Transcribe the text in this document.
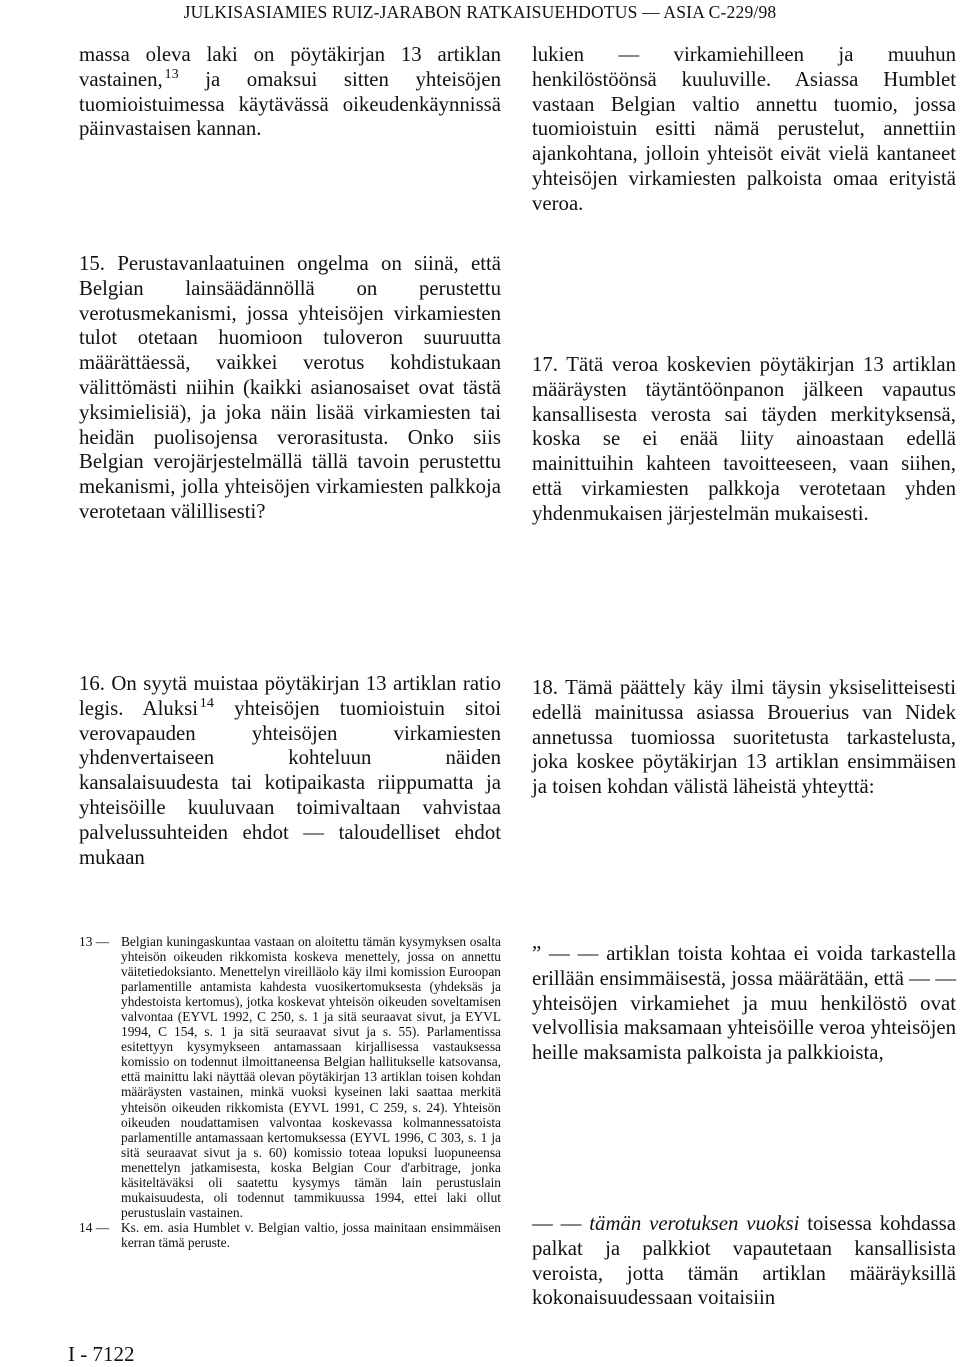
JULKISASIAMIES RUIZ-JARABON RATKAISUEHDOTUS — ASIA C-229/98

massa oleva laki on pöytäkirjan 13 artiklan vastainen,  $^{13}$ ja omaksui sitten yhteisöjen tuomioistuimessa käytävässä oikeudenkäynnissä päinvastaisen kannan.

15. Perustavanlaatuinen ongelma on siinä, että Belgian lainsäädännöllä on perustettu verotusmekanismi, jossa yhteisöjen virkamiesten tulot otetaan huomioon tuloveron suuruutta määrättäessä, vaikkei verotus kohdistukaan välittömästi niihin (kaikki asianosaiset ovat tästä yksimielisiä), ja joka näin lisää virkamiesten tai heidän puolisojensa verorasitusta. Onko siis Belgian verojärjestelmällä tällä tavoin perustettu mekanismi, jolla yhteisöjen virkamiesten palkkoja verotetaan välillisesti?

16. On syytä muistaa pöytäkirjan 13 artiklan ratio legis. Aluksi  $^{14}$ yhteisöjen tuomioistuin sitoi verovapauden yhteisöjen virkamiesten yhdenvertaiseen kohteluun näiden kansalaisuudesta tai kotipaikasta riippumatta ja yhteisöille kuuluvaan toimivaltaan vahvistaa palvelussuhteiden ehdot — taloudelliset ehdot mukaan

lukien — virkamiehilleen ja muuhun henkilöstöönsä kuuluville. Asiassa Humblet vastaan Belgian valtio annettu tuomio, jossa tuomioistuin esitti nämä perustelut, annettiin ajankohtana, jolloin yhteisöt eivät vielä kantaneet yhteisöjen virkamiesten palkoista omaa erityistä veroa.

17. Tätä veroa koskevien pöytäkirjan 13 artiklan määräysten täytäntöönpanon jälkeen vapautus kansallisesta verosta sai täyden merkityksensä, koska se ei enää liity ainoastaan edellä mainittuihin kahteen tavoitteeseen, vaan siihen, että virkamiesten palkkoja verotetaan yhden yhdenmukaisen järjestelmän mukaisesti.

18. Tämä päättely käy ilmi täysin yksiselitteisesti edellä mainitussa asiassa Brouerius van Nidek annetussa tuomiossa suoritetusta tarkastelusta, joka koskee pöytäkirjan 13 artiklan ensimmäisen ja toisen kohdan välistä läheistä yhteyttä:

” — — artiklan toista kohtaa ei voida tarkastella erillään ensimmäisestä, jossa määrätään, että — — yhteisöjen virkamiehet ja muu henkilöstö ovat velvollisia maksamaan yhteisöille veroa yhteisöjen heille maksamista palkoista ja palkkioista,

— — tämän verotuksen vuoksi toisessa kohdassa palkat ja palkkiot vapautetaan kansallisista veroista, jotta tämän artiklan määräyksillä kokonaisuudessaan voitaisiin

13 — Belgian kuningaskuntaa vastaan on aloitettu tämän kysymyksen osalta yhteisön oikeuden rikkomista koskeva menettely, jossa on annettu väitetiedoksianto. Menettelyn vireilläolo käy ilmi komission Euroopan parlamentille antamista kahdesta vuosikertomuksesta (yhdeksäs ja yhdestoista kertomus), jotka koskevat yhteisön oikeuden soveltamisen valvontaa (EYVL 1992, C 250, s. 1 ja sitä seuraavat sivut, ja EYVL 1994, C 154, s. 1 ja sitä seuraavat sivut ja s. 55). Parlamentissa esitettyyn kysymykseen antamassaan kirjallisessa vastauksessa komissio on todennut ilmoittaneensa Belgian hallitukselle katsovansa, että mainittu laki näyttää olevan pöytäkirjan 13 artiklan toisen kohdan määräysten vastainen, minkä vuoksi kyseinen laki saattaa merkitä yhteisön oikeuden rikkomista (EYVL 1991, C 259, s. 24). Yhteisön oikeuden noudattamisen valvontaa koskevassa kolmannessatoista parlamentille antamassaan kertomuksessa (EYVL 1996, C 303, s. 1 ja sitä seuraavat sivut ja s. 60) komissio toteaa lopuksi luopuneensa menettelyn jatkamisesta, koska Belgian Cour d'arbitrage, jonka käsiteltäväksi oli saatettu kysymys tämän lain perustuslain mukaisuudesta, oli todennut tammikuussa 1994, ettei laki ollut perustuslain vastainen.

14 — Ks. em. asia Humblet v. Belgian valtio, jossa mainitaan ensimmäisen kerran tämä peruste.

I - 7122
